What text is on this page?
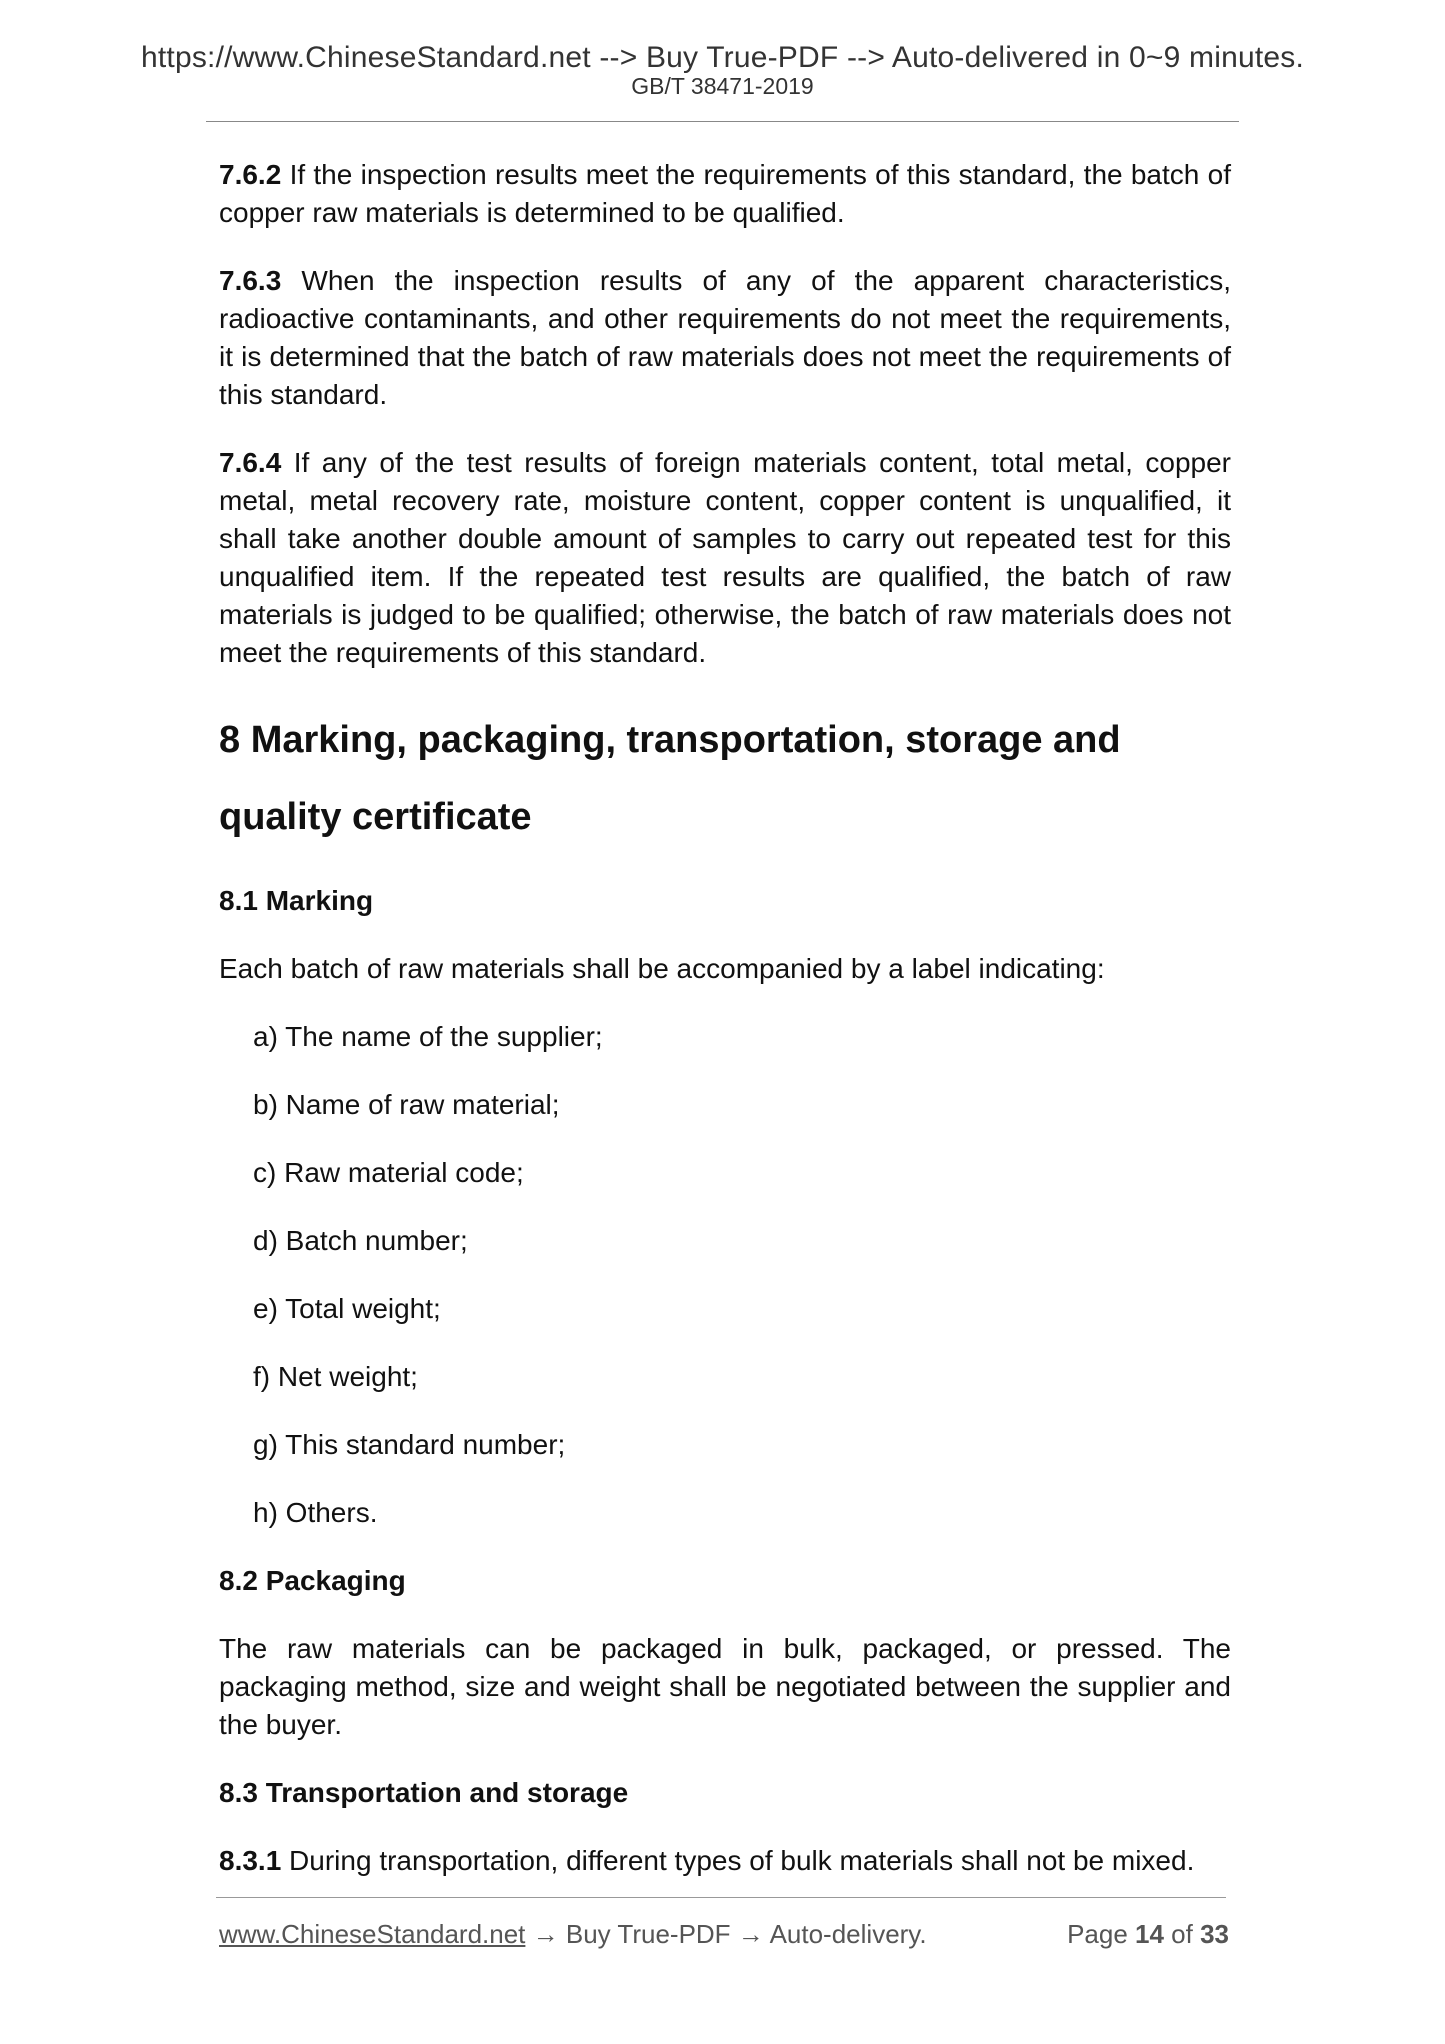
https://www.ChineseStandard.net --> Buy True-PDF --> Auto-delivered in 0~9 minutes.
GB/T 38471-2019

7.6.2 If the inspection results meet the requirements of this standard, the batch of copper raw materials is determined to be qualified.

7.6.3 When the inspection results of any of the apparent characteristics, radioactive contaminants, and other requirements do not meet the requirements, it is determined that the batch of raw materials does not meet the requirements of this standard.

7.6.4 If any of the test results of foreign materials content, total metal, copper metal, metal recovery rate, moisture content, copper content is unqualified, it shall take another double amount of samples to carry out repeated test for this unqualified item. If the repeated test results are qualified, the batch of raw materials is judged to be qualified; otherwise, the batch of raw materials does not meet the requirements of this standard.

8 Marking, packaging, transportation, storage and
quality certificate
8.1 Marking

Each batch of raw materials shall be accompanied by a label indicating:

a) The name of the supplier;
b) Name of raw material;
c) Raw material code;
d) Batch number;
e) Total weight;
f) Net weight;
g) This standard number;
h) Others.
8.2 Packaging

The raw materials can be packaged in bulk, packaged, or pressed. The packaging method, size and weight shall be negotiated between the supplier and the buyer.

8.3 Transportation and storage

8.3.1 During transportation, different types of bulk materials shall not be mixed.

www.ChineseStandard.net → Buy True-PDF → Auto-delivery.	Page 14 of 33
